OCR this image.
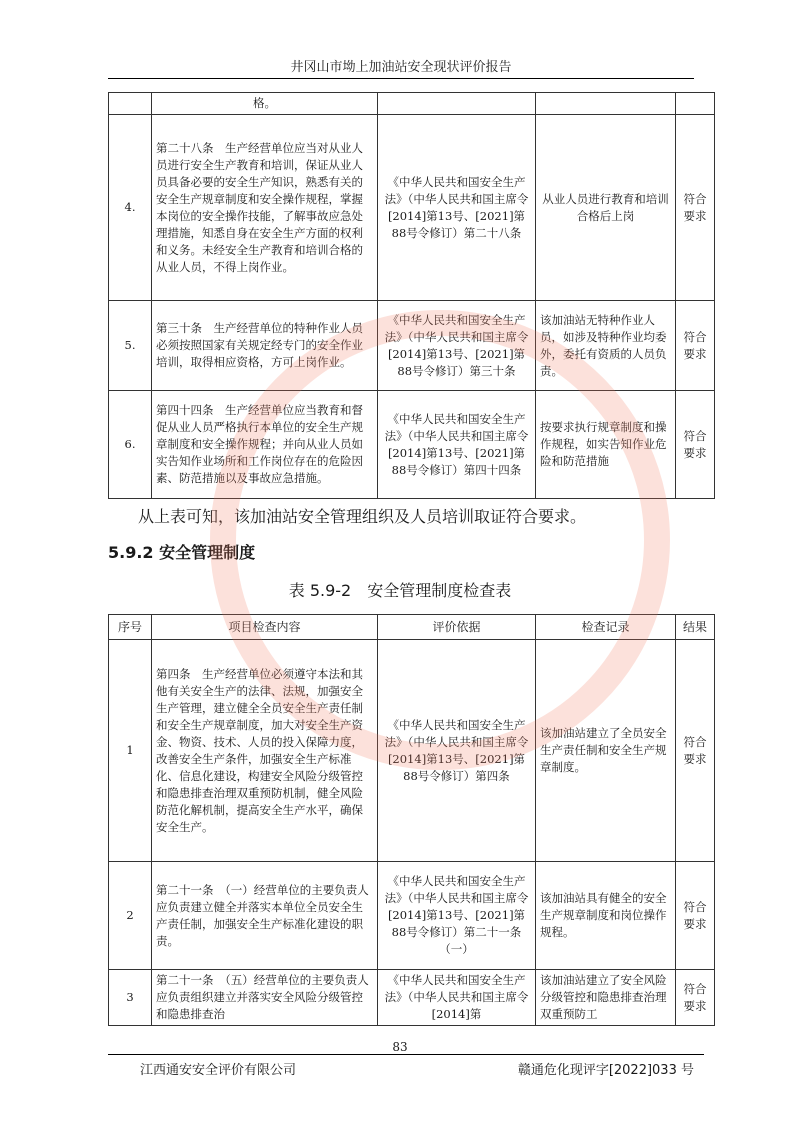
井冈山市坳上加油站安全现状评价报告
	格。			
4.	第二十八条　生产经营单位应当对从业人员进行安全生产教育和培训，保证从业人员具备必要的安全生产知识，熟悉有关的安全生产规章制度和安全操作规程，掌握本岗位的安全操作技能，了解事故应急处理措施，知悉自身在安全生产方面的权利和义务。未经安全生产教育和培训合格的从业人员，不得上岗作业。	《中华人民共和国安全生产法》（中华人民共和国主席令[2014]第13号、[2021]第88号令修订）第二十八条	从业人员进行教育和培训合格后上岗	符合要求
5.	第三十条　生产经营单位的特种作业人员必须按照国家有关规定经专门的安全作业培训，取得相应资格，方可上岗作业。	《中华人民共和国安全生产法》（中华人民共和国主席令[2014]第13号、[2021]第88号令修订）第三十条	该加油站无特种作业人员，如涉及特种作业均委外，委托有资质的人员负责。	符合要求
6.	第四十四条　生产经营单位应当教育和督促从业人员严格执行本单位的安全生产规章制度和安全操作规程；并向从业人员如实告知作业场所和工作岗位存在的危险因素、防范措施以及事故应急措施。	《中华人民共和国安全生产法》（中华人民共和国主席令[2014]第13号、[2021]第88号令修订）第四十四条	按要求执行规章制度和操作规程，如实告知作业危险和防范措施	符合要求
从上表可知，该加油站安全管理组织及人员培训取证符合要求。
5.9.2 安全管理制度
表 5.9-2　安全管理制度检查表
序号	项目检查内容	评价依据	检查记录	结果
1	第四条　生产经营单位必须遵守本法和其他有关安全生产的法律、法规，加强安全生产管理，建立健全全员安全生产责任制和安全生产规章制度，加大对安全生产资金、物资、技术、人员的投入保障力度，改善安全生产条件，加强安全生产标准化、信息化建设，构建安全风险分级管控和隐患排查治理双重预防机制，健全风险防范化解机制，提高安全生产水平，确保安全生产。	《中华人民共和国安全生产法》（中华人民共和国主席令[2014]第13号、[2021]第88号令修订）第四条	该加油站建立了全员安全生产责任制和安全生产规章制度。	符合要求
2	第二十一条　（一）经营单位的主要负责人应负责建立健全并落实本单位全员安全生产责任制，加强安全生产标准化建设的职责。	《中华人民共和国安全生产法》（中华人民共和国主席令[2014]第13号、[2021]第88号令修订）第二十一条（一）	该加油站具有健全的安全生产规章制度和岗位操作规程。	符合要求
3	第二十一条　（五）经营单位的主要负责人应负责组织建立并落实安全风险分级管控和隐患排查治	《中华人民共和国安全生产法》（中华人民共和国主席令[2014]第	该加油站建立了安全风险分级管控和隐患排查治理双重预防工	符合要求
83
江西通安安全评价有限公司	赣通危化现评字[2022]033 号
